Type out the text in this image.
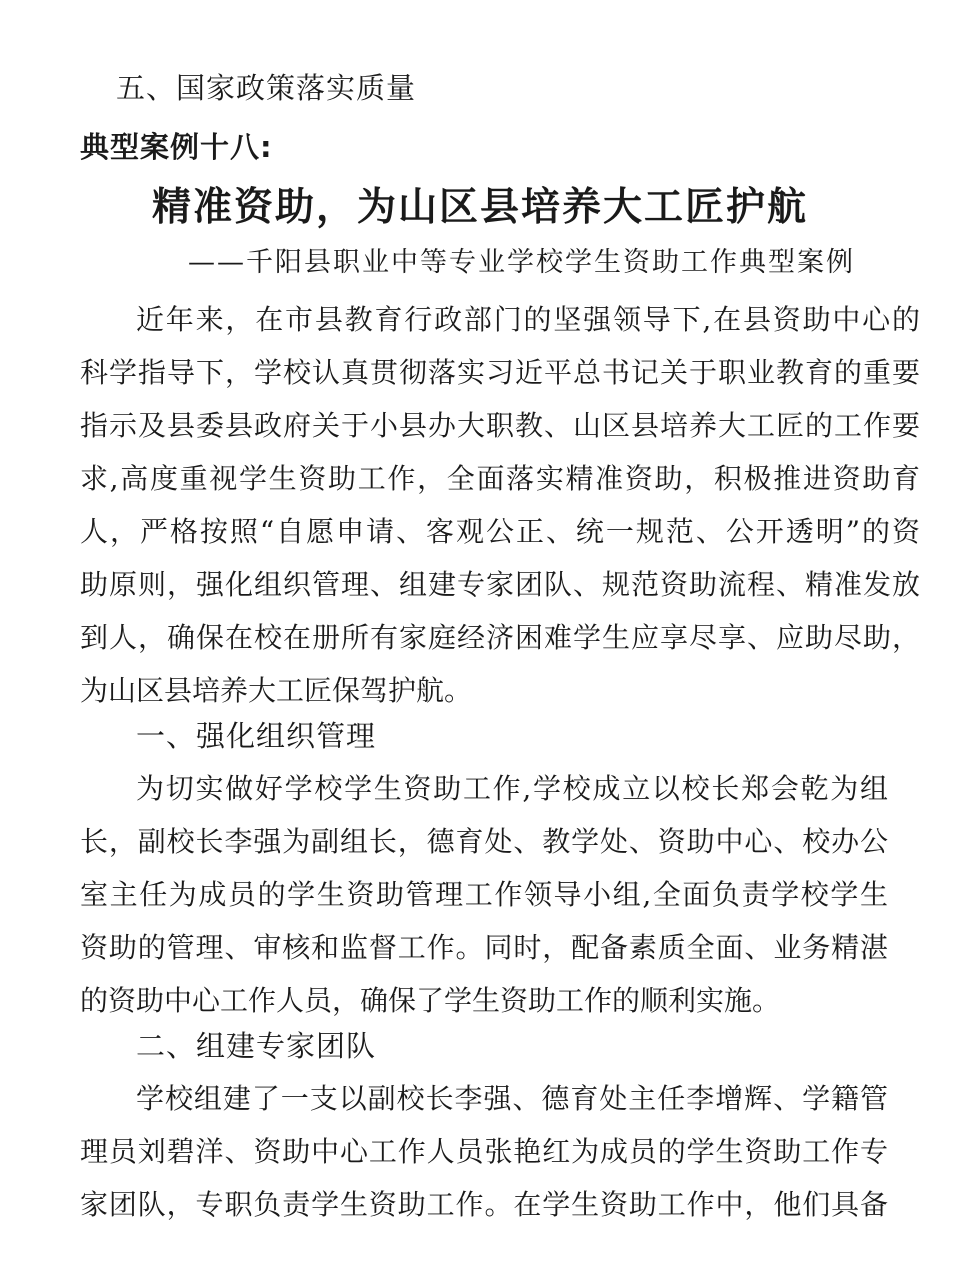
五、国家政策落实质量
典型案例十八:
精准资助，为山区县培养大工匠护航
——千阳县职业中等专业学校学生资助工作典型案例
近年来，在市县教育行政部门的坚强领导下,在县资助中心的
科学指导下，学校认真贯彻落实习近平总书记关于职业教育的重要
指示及县委县政府关于小县办大职教、山区县培养大工匠的工作要
求,高度重视学生资助工作，全面落实精准资助，积极推进资助育
人，严格按照“自愿申请、客观公正、统一规范、公开透明”的资
助原则，强化组织管理、组建专家团队、规范资助流程、精准发放
到人，确保在校在册所有家庭经济困难学生应享尽享、应助尽助，
为山区县培养大工匠保驾护航。
一、强化组织管理
为切实做好学校学生资助工作,学校成立以校长郑会乾为组
长，副校长李强为副组长，德育处、教学处、资助中心、校办公
室主任为成员的学生资助管理工作领导小组,全面负责学校学生
资助的管理、审核和监督工作。同时，配备素质全面、业务精湛
的资助中心工作人员，确保了学生资助工作的顺利实施。
二、组建专家团队
学校组建了一支以副校长李强、德育处主任李增辉、学籍管
理员刘碧洋、资助中心工作人员张艳红为成员的学生资助工作专
家团队，专职负责学生资助工作。在学生资助工作中，他们具备
